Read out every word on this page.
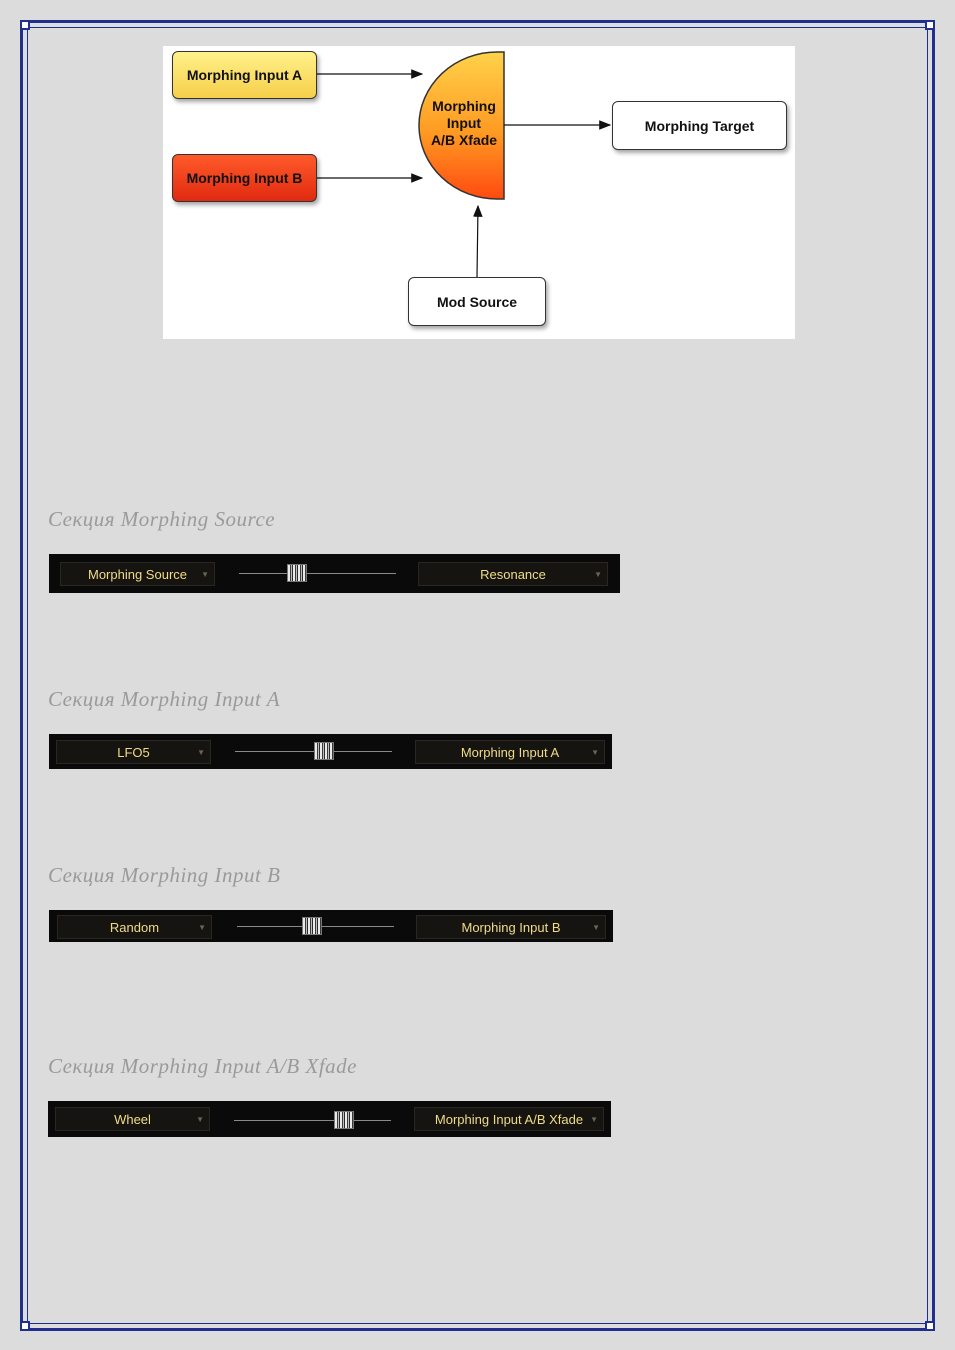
Morphing Input A
Morphing Input B
Morphing
Input
A/B Xfade
Morphing Target
Mod Source
Секция Morphing Source
Morphing Source ▼	Resonance	▼
Секция Morphing Input A
LFO5	▼	Morphing Input A	▼
Секция Morphing Input B
Random	▼	Morphing Input B	▼
Секция Morphing Input A/B Xfade
Wheel	▼	Morphing Input A/B Xfade ▼
